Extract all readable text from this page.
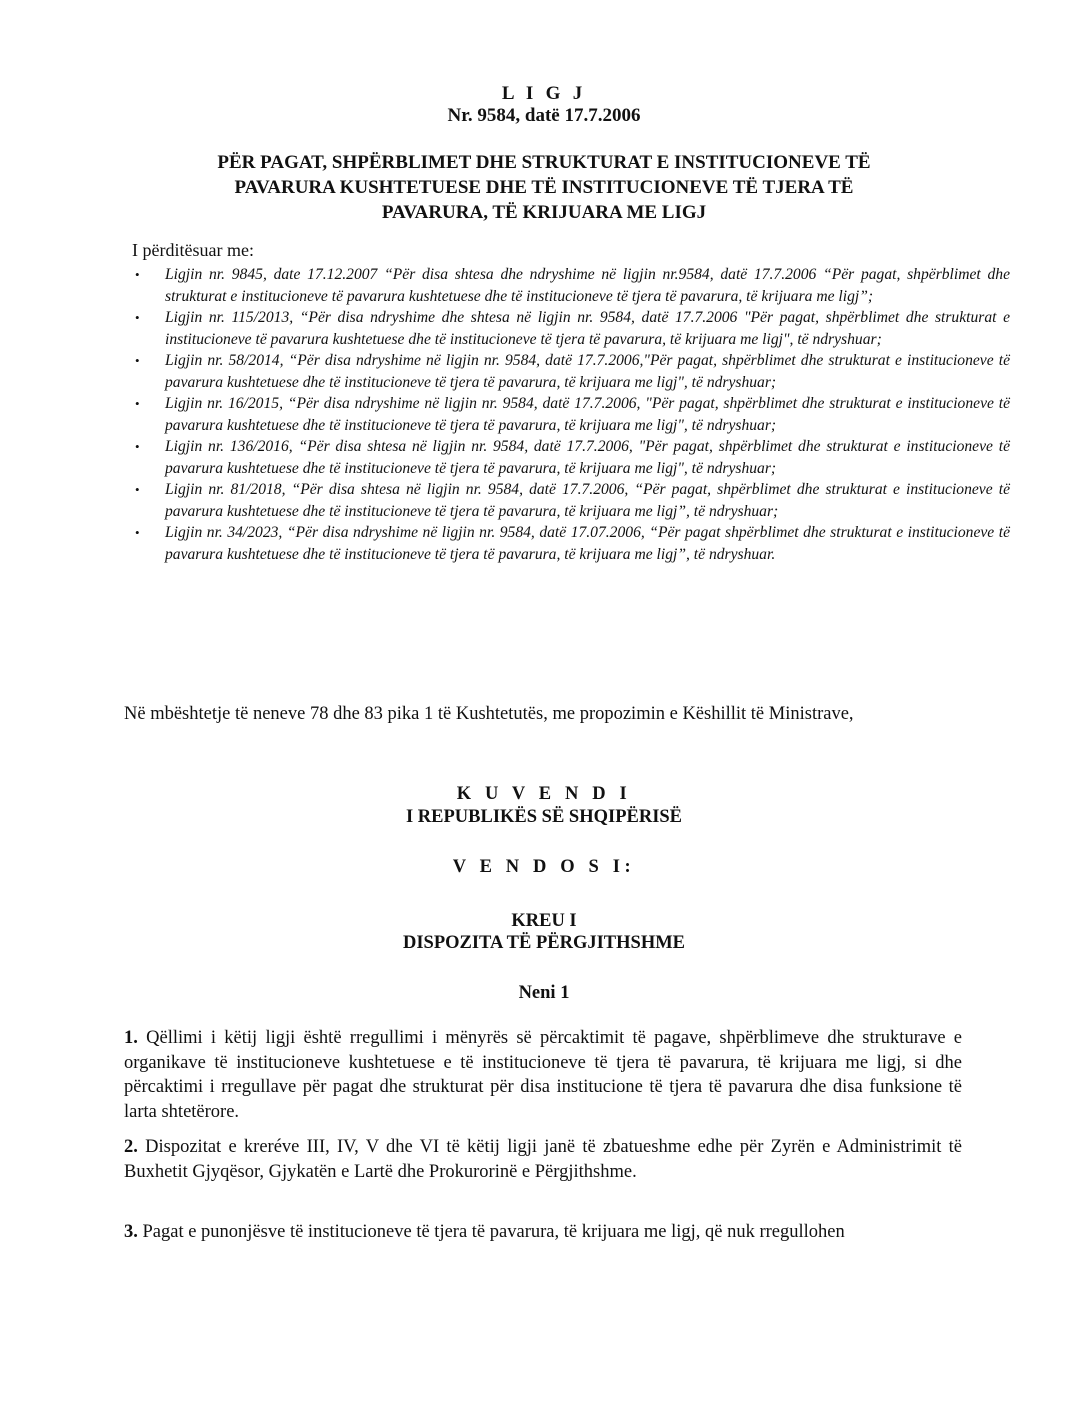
L I G J
Nr. 9584, datë 17.7.2006
PËR PAGAT, SHPËRBLIMET DHE STRUKTURAT E INSTITUCIONEVE TË
PAVARURA KUSHTETUESE DHE TË INSTITUCIONEVE TË TJERA TË
PAVARURA, TË KRIJUARA ME LIGJ
I përditësuar me:
• Ligjin nr. 9845, date 17.12.2007 “Për disa shtesa dhe ndryshime në ligjin nr.9584, datë 17.7.2006 “Për pagat, shpërblimet dhe strukturat e institucioneve të pavarura kushtetuese dhe të institucioneve të tjera të pavarura, të krijuara me ligj”;
• Ligjin nr. 115/2013, “Për disa ndryshime dhe shtesa në ligjin nr. 9584, datë 17.7.2006 "Për pagat, shpërblimet dhe strukturat e institucioneve të pavarura kushtetuese dhe të institucioneve të tjera të pavarura, të krijuara me ligj", të ndryshuar;
• Ligjin nr. 58/2014, “Për disa ndryshime në ligjin nr. 9584, datë 17.7.2006,"Për pagat, shpërblimet dhe strukturat e institucioneve të pavarura kushtetuese dhe të institucioneve të tjera të pavarura, të krijuara me ligj", të ndryshuar;
• Ligjin nr. 16/2015, “Për disa ndryshime në ligjin nr. 9584, datë 17.7.2006, "Për pagat, shpërblimet dhe strukturat e institucioneve të pavarura kushtetuese dhe të institucioneve të tjera të pavarura, të krijuara me ligj", të ndryshuar;
• Ligjin nr. 136/2016, “Për disa shtesa në ligjin nr. 9584, datë 17.7.2006, "Për pagat, shpërblimet dhe strukturat e institucioneve të pavarura kushtetuese dhe të institucioneve të tjera të pavarura, të krijuara me ligj", të ndryshuar;
• Ligjin nr. 81/2018, “Për disa shtesa në ligjin nr. 9584, datë 17.7.2006, “Për pagat, shpërblimet dhe strukturat e institucioneve të pavarura kushtetuese dhe të institucioneve të tjera të pavarura, të krijuara me ligj”, të ndryshuar;
• Ligjin nr. 34/2023, “Për disa ndryshime në ligjin nr. 9584, datë 17.07.2006, “Për pagat shpërblimet dhe strukturat e institucioneve të pavarura kushtetuese dhe të institucioneve të tjera të pavarura, të krijuara me ligj”, të ndryshuar.
Në mbështetje të neneve 78 dhe 83 pika 1 të Kushtetutës, me propozimin e Këshillit të Ministrave,
K U V E N D I
I REPUBLIKËS SË SHQIPËRISË
V E N D O S I:
KREU I
DISPOZITA TË PËRGJITHSHME
Neni 1
1. Qëllimi i këtij ligji është rregullimi i mënyrës së përcaktimit të pagave, shpërblimeve dhe strukturave e organikave të institucioneve kushtetuese e të institucioneve të tjera të pavarura, të krijuara me ligj, si dhe përcaktimi i rregullave për pagat dhe strukturat për disa institucione të tjera të pavarura dhe disa funksione të larta shtetërore.
2. Dispozitat e kreréve III, IV, V dhe VI të këtij ligji janë të zbatueshme edhe për Zyrën e Administrimit të Buxhetit Gjyqësor, Gjykatën e Lartë dhe Prokurorinë e Përgjithshme.
3. Pagat e punonjësve të institucioneve të tjera të pavarura, të krijuara me ligj, që nuk rregullohen
